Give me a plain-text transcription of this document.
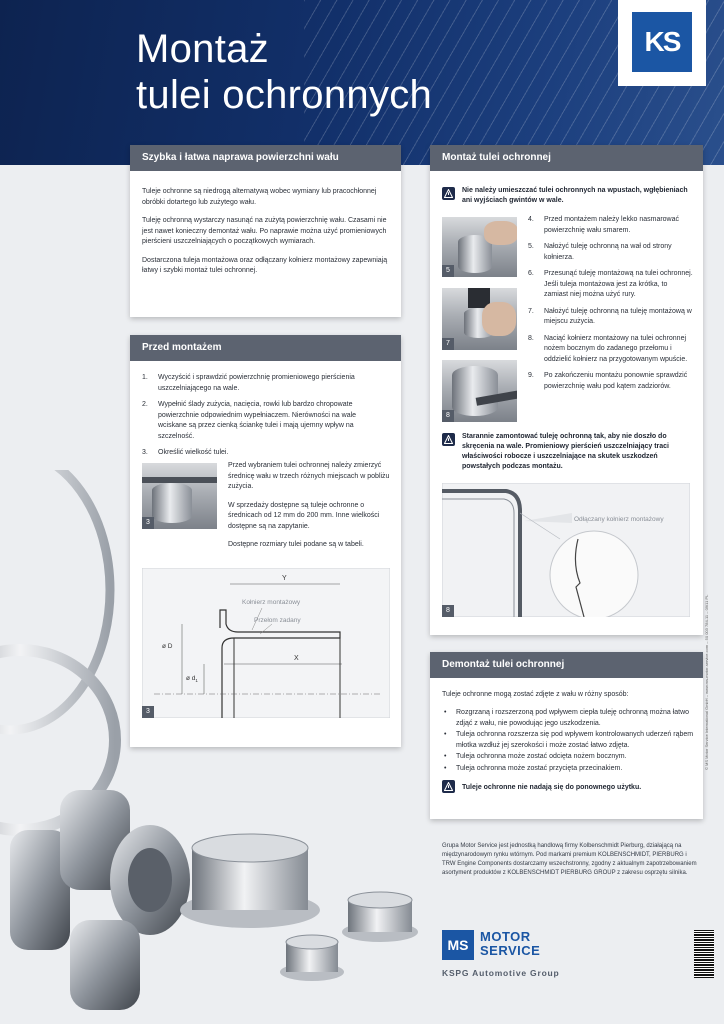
Montaż
tulei ochronnych
KS
Szybka i łatwa naprawa powierzchni wału

Tuleje ochronne są niedrogą alternatywą wobec wymiany lub pracochłonnej obróbki dotartego lub zużytego wału.

Tuleję ochronną wystarczy nasunąć na zużytą powierzchnię wału. Czasami nie jest nawet konieczny demontaż wału. Po naprawie można użyć promieniowych pierścieni uszczelniających o początkowych wymiarach.

Dostarczona tuleja montażowa oraz odłączany kołnierz montażowy zapewniają łatwy i szybki montaż tulei ochronnej.

Przed montażem
1. Wyczyścić i sprawdzić powierzchnię promieniowego pierścienia uszczelniającego na wale.
2. Wypełnić ślady zużycia, nacięcia, rowki lub bardzo chropowate powierzchnie odpowiednim wypełniaczem. Nierówności na wale wciskane są przez cienką ściankę tulei i mają ujemny wpływ na szczelność.
3. Określić wielkość tulei.
3

Przed wybraniem tulei ochronnej należy zmierzyć średnicę wału w trzech różnych miejscach w pobliżu zużycia.

W sprzedaży dostępne są tuleje ochronne o średnicach od 12 mm do 200 mm. Inne wielkości dostępne są na zapytanie.

Dostępne rozmiary tulei podane są w tabeli.

Y
Kołnierz montażowy
Przełom zadany
ø D
ø $d_1$
X
3
Montaż tulei ochronnej
Nie należy umieszczać tulei ochronnych na wpustach, wgłębieniach ani wyjściach gwintów w wale.
5
7
8
4. Przed montażem należy lekko nasmarować powierzchnię wału smarem.
5. Nałożyć tuleję ochronną na wał od strony kołnierza.
6. Przesunąć tuleję montażową na tulei ochronnej. Jeśli tuleja montażowa jest za krótka, to zamiast niej można użyć rury.
7. Nałożyć tuleję ochronną na tuleję montażową w miejscu zużycia.
8. Naciąć kołnierz montażowy na tulei ochronnej nożem bocznym do zadanego przełomu i oddzielić kołnierz na przygotowanym wpuście.
9. Po zakończeniu montażu ponownie sprawdzić powierzchnię wału pod kątem zadziorów.
Starannie zamontować tuleję ochronną tak, aby nie doszło do skręcenia na wale. Promieniowy pierścień uszczelniający traci właściwości robocze i uszczelniające na skutek uszkodzeń powstałych podczas montażu.
Odłączany kołnierz montażowy
8
Demontaż tulei ochronnej
Tuleje ochronne mogą zostać zdjęte z wału w różny sposób:
• Rozgrzaną i rozszerzoną pod wpływem ciepła tuleję ochronną można łatwo zdjąć z wału, nie powodując jego uszkodzenia.
• Tuleja ochronna rozszerza się pod wpływem kontrolowanych uderzeń rąbem młotka wzdłuż jej szerokości i może zostać łatwo zdjęta.
• Tuleja ochronna może zostać odcięta nożem bocznym.
• Tuleja ochronna może zostać przycięta przecinakiem.
Tuleje ochronne nie nadają się do ponownego użytku.
Grupa Motor Service jest jednostką handlową firmy Kolbenschmidt Pierburg, działającą na międzynarodowym rynku wtórnym. Pod markami premium KOLBENSCHMIDT, PIERBURG i TRW Engine Components dostarczamy wszechstronny, zgodny z aktualnym zapotrzebowaniem asortyment produktów z KOLBENSCHMIDT PIERBURG GROUP z zakresu osprzętu silnika.
MS
MOTOR
SERVICE
KSPG Automotive Group
© MS Motor Service International GmbH – www.ms-motor-service.com – 50 003 784-11 – 09/11 PL
